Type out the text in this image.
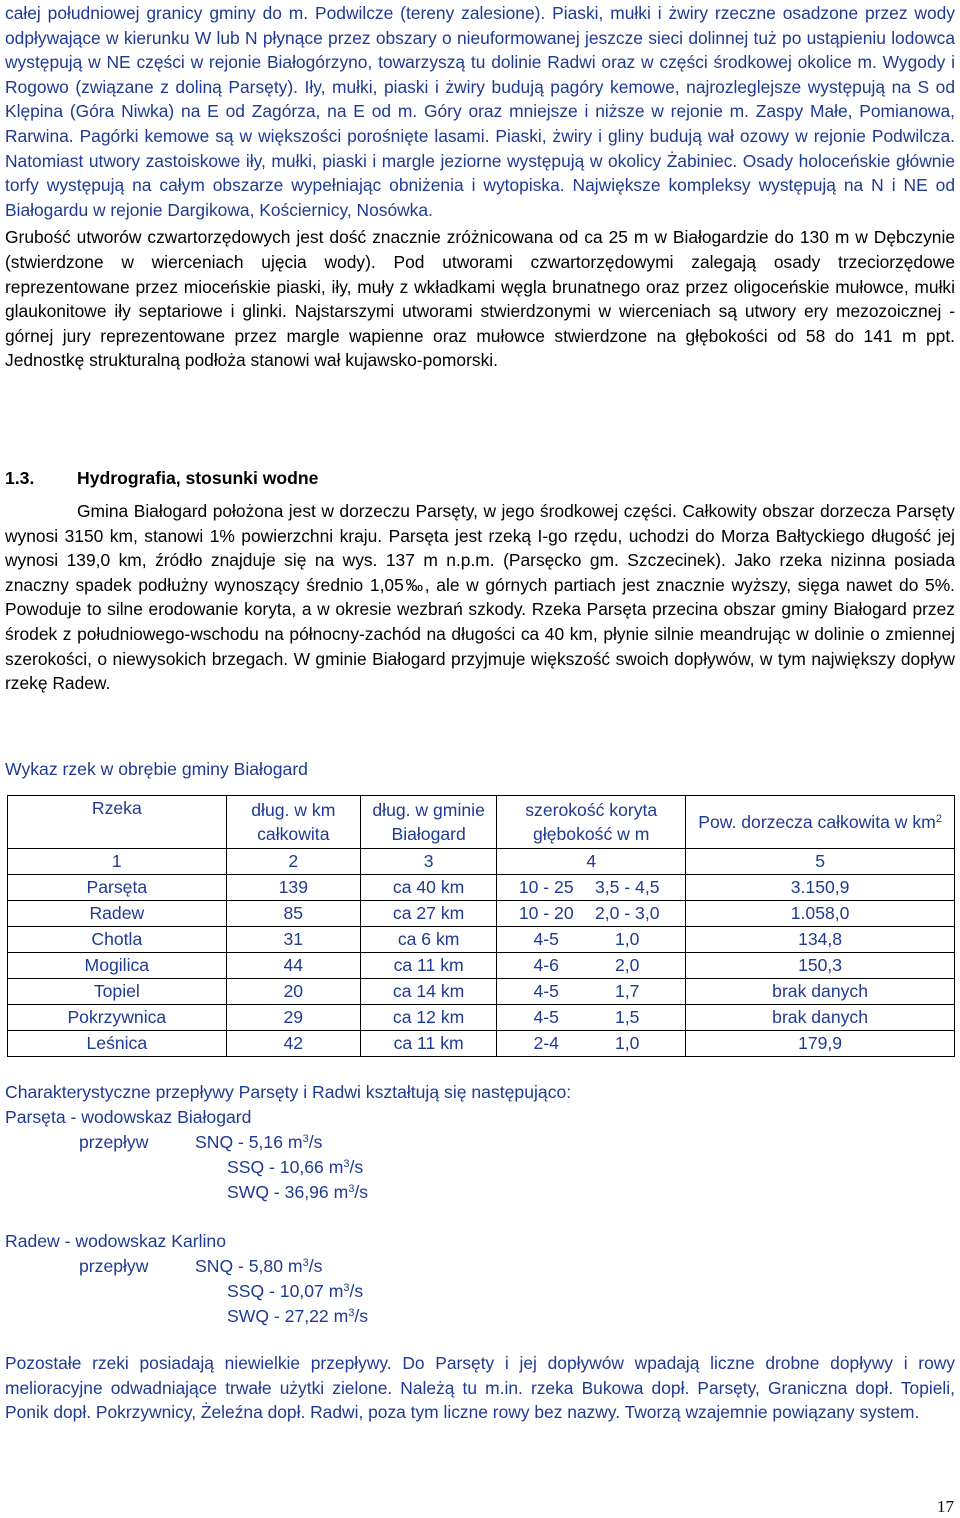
całej południowej granicy gminy do m. Podwilcze (tereny zalesione). Piaski, mułki i żwiry rzeczne osadzone przez wody odpływające w kierunku W lub N płynące przez obszary o nieuformowanej jeszcze sieci dolinnej tuż po ustąpieniu lodowca występują w NE części w rejonie Białogórzyno, towarzyszą tu dolinie Radwi oraz w części środkowej okolice m. Wygody i Rogowo (związane z doliną Parsęty). Iły, mułki, piaski i żwiry budują pagóry kemowe, najrozleglejsze występują na S od Klępina (Góra Niwka) na E od Zagórza, na E od m. Góry oraz mniejsze i niższe w rejonie m. Zaspy Małe, Pomianowa, Rarwina. Pagórki kemowe są w większości porośnięte lasami. Piaski, żwiry i gliny budują wał ozowy w rejonie Podwilcza. Natomiast utwory zastoiskowe iły, mułki, piaski i margle jeziorne występują w okolicy Żabiniec. Osady holoceńskie głównie torfy występują na całym obszarze wypełniając obniżenia i wytopiska. Największe kompleksy występują na N i NE od Białogardu w rejonie Dargikowa, Kościernicy, Nosówka.

Grubość utworów czwartorzędowych jest dość znacznie zróżnicowana od ca 25 m w Białogardzie do 130 m w Dębczynie (stwierdzone w wierceniach ujęcia wody). Pod utworami czwartorzędowymi zalegają osady trzeciorzędowe reprezentowane przez mioceńskie piaski, iły, muły z wkładkami węgla brunatnego oraz przez oligoceńskie mułowce, mułki glaukonitowe iły septariowe i glinki. Najstarszymi utworami stwierdzonymi w wierceniach są utwory ery mezozoicznej - górnej jury reprezentowane przez margle wapienne oraz mułowce stwierdzone na głębokości od 58 do 141 m ppt. Jednostkę strukturalną podłoża stanowi wał kujawsko-pomorski.

1.3. Hydrografia, stosunki wodne

Gmina Białogard położona jest w dorzeczu Parsęty, w jego środkowej części. Całkowity obszar dorzecza Parsęty wynosi 3150 km, stanowi 1% powierzchni kraju. Parsęta jest rzeką I-go rzędu, uchodzi do Morza Bałtyckiego długość jej wynosi 139,0 km, źródło znajduje się na wys. 137 m n.p.m. (Parsęcko gm. Szczecinek). Jako rzeka nizinna posiada znaczny spadek podłużny wynoszący średnio 1,05‰, ale w górnych partiach jest znacznie wyższy, sięga nawet do 5%. Powoduje to silne erodowanie koryta, a w okresie wezbrań szkody. Rzeka Parsęta przecina obszar gminy Białogard przez środek z południowego-wschodu na północny-zachód na długości ca 40 km, płynie silnie meandrując w dolinie o zmiennej szerokości, o niewysokich brzegach. W gminie Białogard przyjmuje większość swoich dopływów, w tym największy dopływ rzekę Radew.

Wykaz rzek w obrębie gminy Białogard
Rzeka	dług. w km całkowita	dług. w gminie Białogard	szerokość koryta głębokość w m	Pow. dorzecza całkowita w $km^2$
1	2	3	4	5
Parsęta	139	ca 40 km	10 - 25 3,5 - 4,5	3.150,9
Radew	85	ca 27 km	10 - 20 2,0 - 3,0	1.058,0
Chotla	31	ca 6 km	4-5 1,0	134,8
Mogilica	44	ca 11 km	4-6 2,0	150,3
Topiel	20	ca 14 km	4-5 1,7	brak danych
Pokrzywnica	29	ca 12 km	4-5 1,5	brak danych
Leśnica	42	ca 11 km	2-4 1,0	179,9
Charakterystyczne przepływy Parsęty i Radwi kształtują się następująco:
Parsęta - wodowskaz Białogard
przepływ	SNQ - 5,16 $m^3/s$
SSQ - 10,66 $m^3/s$
SWQ - 36,96 $m^3/s$
Radew - wodowskaz Karlino
przepływ	SNQ - 5,80 $m^3/s$
SSQ - 10,07 $m^3/s$
SWQ - 27,22 $m^3/s$

Pozostałe rzeki posiadają niewielkie przepływy. Do Parsęty i jej dopływów wpadają liczne drobne dopływy i rowy melioracyjne odwadniające trwałe użytki zielone. Należą tu m.in. rzeka Bukowa dopł. Parsęty, Graniczna dopł. Topieli, Ponik dopł. Pokrzywnicy, Żeleźna dopł. Radwi, poza tym liczne rowy bez nazwy. Tworzą wzajemnie powiązany system.

17
